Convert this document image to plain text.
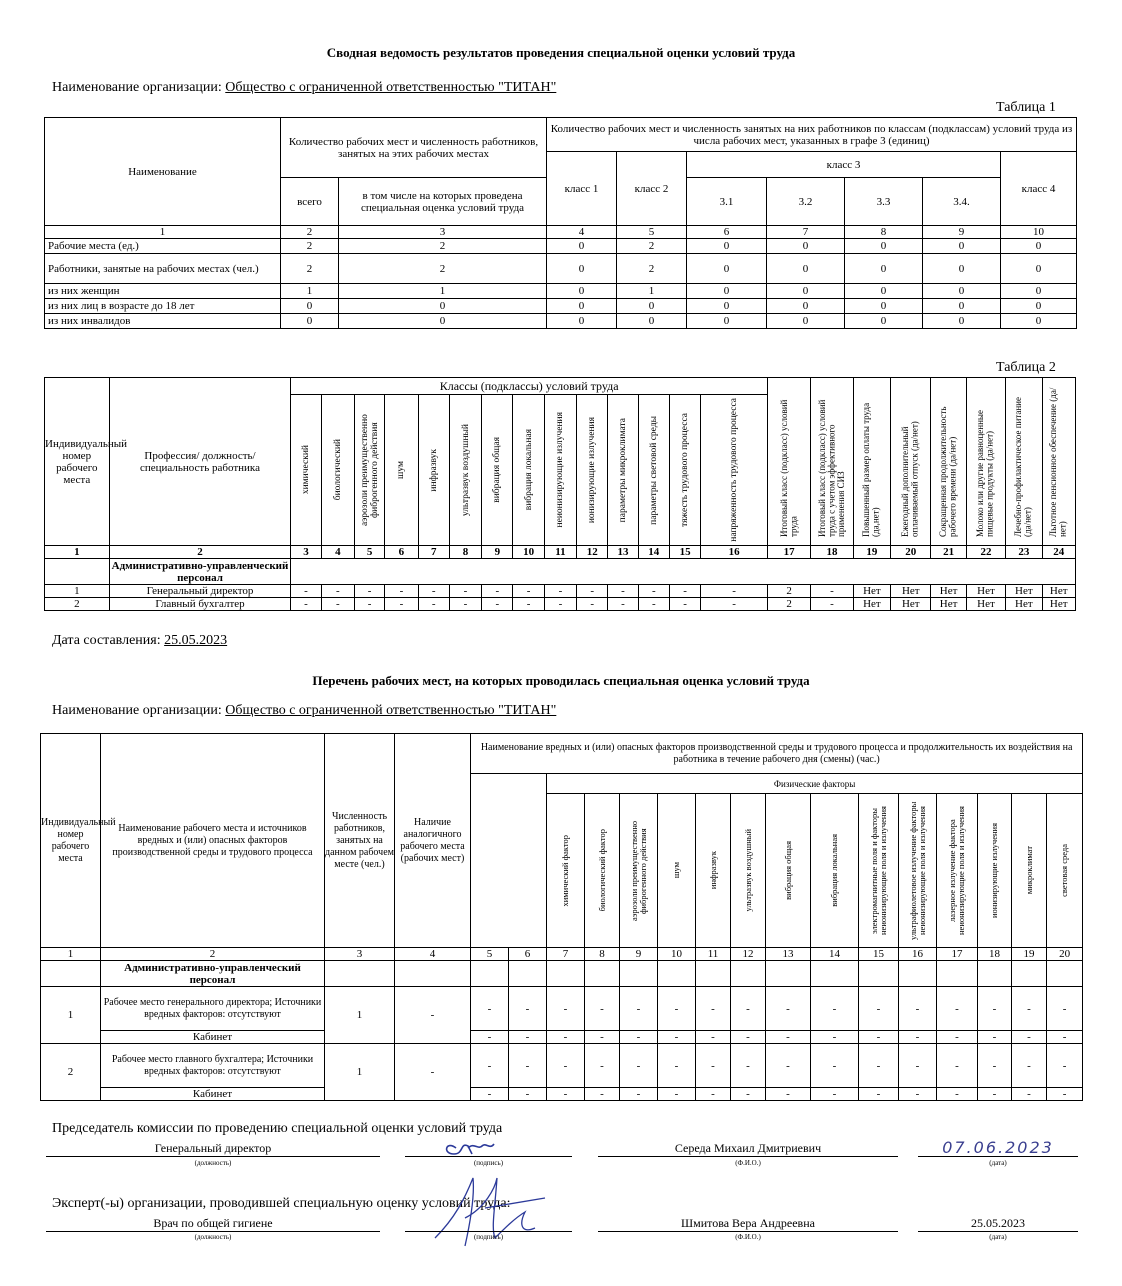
Сводная ведомость результатов проведения специальной оценки условий труда
Наименование организации: Общество с ограниченной ответственностью "ТИТАН"
Таблица 1
Наименование	Количество рабочих мест и численность работников, занятых на этих рабочих местах		Количество рабочих мест и численность занятых на них работников по классам (подклассам) условий труда из числа рабочих мест, указанных в графе 3 (единиц)						
			класс 1	класс 2	класс 3				класс 4
	всего	в том числе на которых проведена специальная оценка условий труда			3.1	3.2	3.3	3.4.	
1	2	3	4	5	6	7	8	9	10
Рабочие места (ед.)	2	2	0	2	0	0	0	0	0
Работники, занятые на рабочих местах (чел.)	2	2	0	2	0	0	0	0	0
из них женщин	1	1	0	1	0	0	0	0	0
из них лиц в возрасте до 18 лет	0	0	0	0	0	0	0	0	0
из них инвалидов	0	0	0	0	0	0	0	0	0
Таблица 2
Индивидуальный номер рабочего места	Профессия/ должность/ специальность работника	Классы (подклассы) условий труда														Итоговый класс (подкласс) условий труда	Итоговый класс (подкласс) условий труда с учетом эффективного применения СИЗ	Повышенный размер оплаты труда (да,нет)	Ежегодный дополнительный оплачиваемый отпуск (да/нет)	Сокращенная продолжительность рабочего времени (да/нет)	Молоко или другие равноценные пищевые продукты (да/нет)	Лечебно-профилактическое питание (да/нет)	Льготное пенсионное обеспечение (да/нет)

		химический	биологический	аэрозоли преимущественно фиброгенного действия	шум	инфразвук	ультразвук воздушный	вибрация общая	вибрация локальная	неионизирующие излучения	ионизирующие излучения	параметры микроклимата	параметры световой среды	тяжесть трудового процесса	напряженность трудового процесса								

1	2	3	4	5	6	7	8	9	10	11	12	13	14	15	16	17	18	19	20	21	22	23	24
	Административно-управленческий персонал																						
1	Генеральный директор	-	-	-	-	-	-	-	-	-	-	-	-	-	-	2	-	Нет	Нет	Нет	Нет	Нет	Нет
2	Главный бухгалтер	-	-	-	-	-	-	-	-	-	-	-	-	-	-	2	-	Нет	Нет	Нет	Нет	Нет	Нет
Дата составления: 25.05.2023
Перечень рабочих мест, на которых проводилась специальная оценка условий труда
Наименование организации: Общество с ограниченной ответственностью "ТИТАН"
Индивидуальный номер рабочего места	Наименование рабочего места и источников вредных и (или) опасных факторов производственной среды и трудового процесса	Численность работников, занятых на данном рабочем месте (чел.)	Наличие аналогичного рабочего места (рабочих мест)	Наименование вредных и (или) опасных факторов производственной среды и трудового процесса и продолжительность их воздействия на работника в течение рабочего дня (смены) (час.)																
						Физические факторы														

						химический фактор	биологический фактор	аэрозоли преимущественно фиброгенного действия	шум	инфразвук	ультразвук воздушный	вибрация общая	вибрация локальная	электромагнитные поля и факторы неионизирующие поля и излучения	ультрафиолетовое излучение факторы неионизирующие поля и излучения	лазерное излучение фактора неионизирующие поля и излучения	ионизирующие излучения	микроклимат	световая среда

1	2	3	4	5	6	7	8	9	10	11	12	13	14	15	16	17	18	19	20	
	Административно-управленческий персонал																			
1	Рабочее место генерального директора; Источники вредных факторов: отсутствуют	1	-	-	-	-	-	-	-	-	-	-	-	-	-	-	-	-	-	
	Кабинет			-	-	-	-	-	-	-	-	-	-	-	-	-	-	-	-	
2	Рабочее место главного бухгалтера; Источники вредных факторов: отсутствуют	1	-	-	-	-	-	-	-	-	-	-	-	-	-	-	-	-	-	
	Кабинет			-	-	-	-	-	-	-	-	-	-	-	-	-	-	-	-	
Председатель комиссии по проведению специальной оценки условий труда
Генеральный директор
(должность)	(подпись)
Середа Михаил Дмитриевич
(Ф.И.О.)
07.06.2023
(дата)
Эксперт(-ы) организации, проводившей специальную оценку условий труда:
Врач по общей гигиене
(должность)	(подпись)
Шмитова Вера Андреевна
(Ф.И.О.)
25.05.2023
(дата)
